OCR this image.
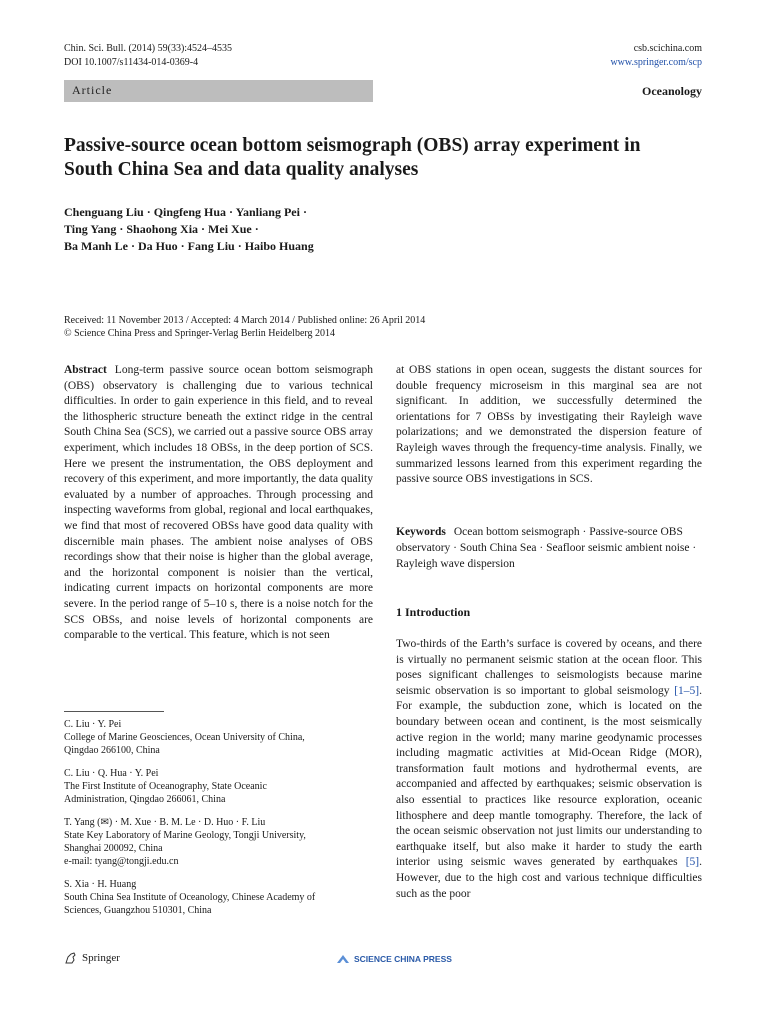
Chin. Sci. Bull. (2014) 59(33):4524–4535
DOI 10.1007/s11434-014-0369-4
csb.scichina.com
www.springer.com/scp
Article	Oceanology
Passive-source ocean bottom seismograph (OBS) array experiment in South China Sea and data quality analyses
Chenguang Liu · Qingfeng Hua · Yanliang Pei ·
Ting Yang · Shaohong Xia · Mei Xue ·
Ba Manh Le · Da Huo · Fang Liu · Haibo Huang
Received: 11 November 2013 / Accepted: 4 March 2014 / Published online: 26 April 2014
© Science China Press and Springer-Verlag Berlin Heidelberg 2014

Abstract Long-term passive source ocean bottom seismograph (OBS) observatory is challenging due to various technical difficulties. In order to gain experience in this field, and to reveal the lithospheric structure beneath the extinct ridge in the central South China Sea (SCS), we carried out a passive source OBS array experiment, which includes 18 OBSs, in the deep portion of SCS. Here we present the instrumentation, the OBS deployment and recovery of this experiment, and more importantly, the data quality evaluated by a number of approaches. Through processing and inspecting waveforms from global, regional and local earthquakes, we find that most of recovered OBSs have good data quality with discernible main phases. The ambient noise analyses of OBS recordings show that their noise is higher than the global average, and the horizontal component is noisier than the vertical, indicating current impacts on horizontal components are more severe. In the period range of 5–10 s, there is a noise notch for the SCS OBSs, and noise levels of horizontal components are comparable to the vertical. This feature, which is not seen

at OBS stations in open ocean, suggests the distant sources for double frequency microseism in this marginal sea are not significant. In addition, we successfully determined the orientations for 7 OBSs by investigating their Rayleigh wave polarizations; and we demonstrated the dispersion feature of Rayleigh waves through the frequency-time analysis. Finally, we summarized lessons learned from this experiment regarding the passive source OBS investigations in SCS.

Keywords Ocean bottom seismograph · Passive-source OBS observatory · South China Sea · Seafloor seismic ambient noise · Rayleigh wave dispersion
1 Introduction

Two-thirds of the Earth’s surface is covered by oceans, and there is virtually no permanent seismic station at the ocean floor. This poses significant challenges to seismologists because marine seismic observation is so important to global seismology [1–5]. For example, the subduction zone, which is located on the boundary between ocean and continent, is the most seismically active region in the world; many marine geodynamic processes including magmatic activities at Mid-Ocean Ridge (MOR), transformation fault motions and hydrothermal events, are accompanied and affected by earthquakes; seismic observation is also essential to practices like resource exploration, oceanic lithosphere and deep mantle tomography. Therefore, the lack of the ocean seismic observation not just limits our understanding to earthquake itself, but also make it harder to study the earth interior using seismic waves generated by earthquakes [5]. However, due to the high cost and various technique difficulties such as the poor

C. Liu · Y. Pei
College of Marine Geosciences, Ocean University of China,
Qingdao 266100, China
C. Liu · Q. Hua · Y. Pei
The First Institute of Oceanography, State Oceanic
Administration, Qingdao 266061, China
T. Yang (✉) · M. Xue · B. M. Le · D. Huo · F. Liu
State Key Laboratory of Marine Geology, Tongji University,
Shanghai 200092, China
e-mail: tyang@tongji.edu.cn
S. Xia · H. Huang
South China Sea Institute of Oceanology, Chinese Academy of
Sciences, Guangzhou 510301, China
Springer	SCIENCE CHINA PRESS
